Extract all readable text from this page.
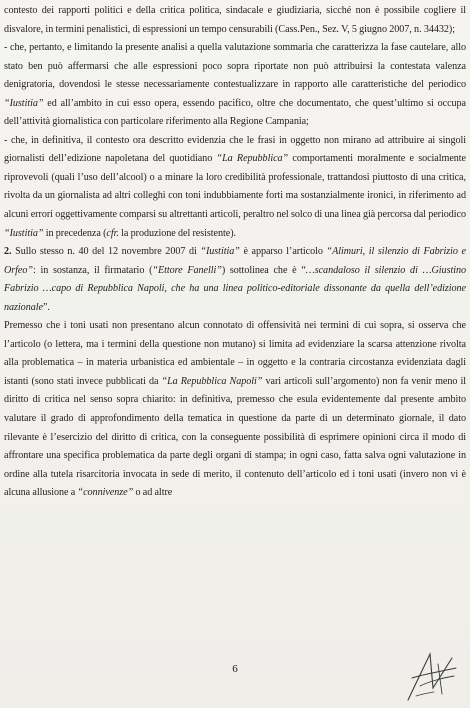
contesto dei rapporti politici e della critica politica, sindacale e giudiziaria, sicché non è possibile cogliere il disvalore, in termini penalistici, di espressioni un tempo censurabili (Cass.Pen., Sez. V, 5 giugno 2007, n. 34432);

- che, pertanto, e limitando la presente analisi a quella valutazione sommaria che caratterizza la fase cautelare, allo stato ben può affermarsi che alle espressioni poco sopra riportate non può attribuirsi la contestata valenza denigratoria, dovendosi le stesse necessariamente contestualizzare in rapporto alle caratteristiche del periodico “Iustitia” ed all’ambito in cui esso opera, essendo pacifico, oltre che documentato, che quest’ultimo si occupa dell’attività giornalistica con particolare riferimento alla Regione Campania;

- che, in definitiva, il contesto ora descritto evidenzia che le frasi in oggetto non mirano ad attribuire ai singoli giornalisti dell’edizione napoletana del quotidiano “La Repubblica” comportamenti moralmente e socialmente riprovevoli (quali l’uso dell’alcool) o a minare la loro credibilità professionale, trattandosi piuttosto di una critica, rivolta da un giornalista ad altri colleghi con toni indubbiamente forti ma sostanzialmente ironici, in riferimento ad alcuni errori oggettivamente comparsi su altrettanti articoli, peraltro nel solco di una linea già percorsa dal periodico “Iustitia” in precedenza (cfr. la produzione del resistente).

2. Sullo stesso n. 40 del 12 novembre 2007 di “Iustitia” è apparso l’articolo “Alimuri, il silenzio di Fabrizio e Orfeo”: in sostanza, il firmatario (“Ettore Fanelli”) sottolinea che è “…scandaloso il silenzio di …Giustino Fabrizio …capo di Repubblica Napoli, che ha una linea politico-editoriale dissonante da quella dell’edizione nazionale”.

Premesso che i toni usati non presentano alcun connotato di offensività nei termini di cui sopra, si osserva che l’articolo (o lettera, ma i termini della questione non mutano) si limita ad evidenziare la scarsa attenzione rivolta alla problematica – in materia urbanistica ed ambientale – in oggetto e la contraria circostanza evidenziata dagli istanti (sono stati invece pubblicati da “La Repubblica Napoli” vari articoli sull’argomento) non fa venir meno il diritto di critica nel senso sopra chiarito: in definitiva, premesso che esula evidentemente dal presente ambito valutare il grado di approfondimento della tematica in questione da parte di un determinato giornale, il dato rilevante è l’esercizio del diritto di critica, con la conseguente possibilità di esprimere opinioni circa il modo di affrontare una specifica problematica da parte degli organi di stampa; in ogni caso, fatta salva ogni valutazione in ordine alla tutela risarcitoria invocata in sede di merito, il contenuto dell’articolo ed i toni usati (invero non vi è alcuna allusione a “connivenze” o ad altre

6
